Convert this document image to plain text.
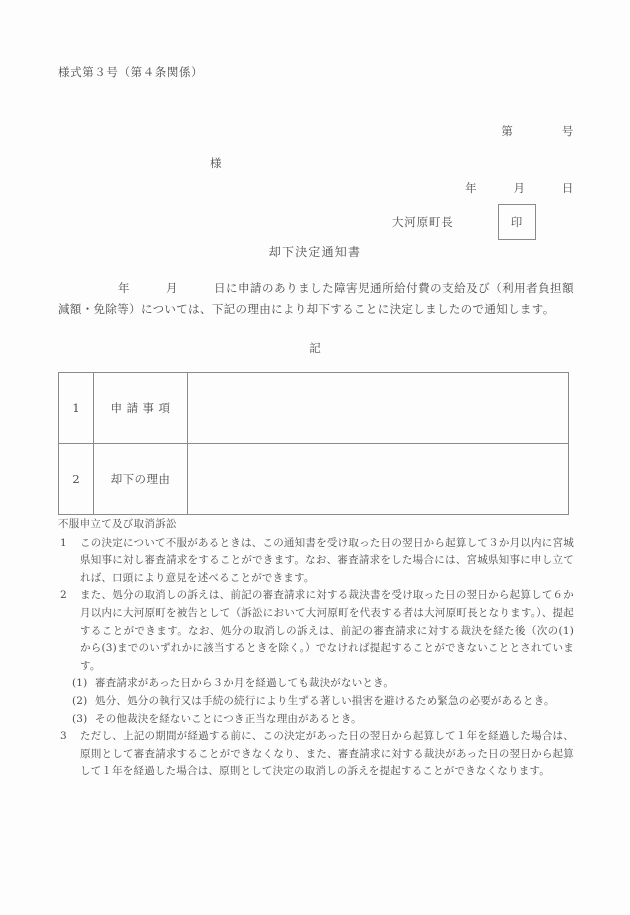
様式第３号（第４条関係）

第　　　　号

年　　　月　　　日

様
大河原町長	印
却下決定通知書
　　　　　年　　　月　　　日に申請のありました障害児通所給付費の支給及び（利用者負担額減額・免除等）については、下記の理由により却下することに決定しましたので通知します。
記
1	申 請 事 項	
2	却下の理由	
不服申立て及び取消訴訟
1 この決定について不服があるときは、この通知書を受け取った日の翌日から起算して３か月以内に宮城県知事に対し審査請求をすることができます。なお、審査請求をした場合には、宮城県知事に申し立てれば、口頭により意見を述べることができます。
2 また、処分の取消しの訴えは、前記の審査請求に対する裁決書を受け取った日の翌日から起算して６か月以内に大河原町を被告として（訴訟において大河原町を代表する者は大河原町長となります。）、提起することができます。なお、処分の取消しの訴えは、前記の審査請求に対する裁決を経た後（次の(1)から(3)までのいずれかに該当するときを除く。）でなければ提起することができないこととされています。
(1) 審査請求があった日から３か月を経過しても裁決がないとき。
(2) 処分、処分の執行又は手続の続行により生ずる著しい損害を避けるため緊急の必要があるとき。
(3) その他裁決を経ないことにつき正当な理由があるとき。
3 ただし、上記の期間が経過する前に、この決定があった日の翌日から起算して１年を経過した場合は、原則として審査請求することができなくなり、また、審査請求に対する裁決があった日の翌日から起算して１年を経過した場合は、原則として決定の取消しの訴えを提起することができなくなります。
